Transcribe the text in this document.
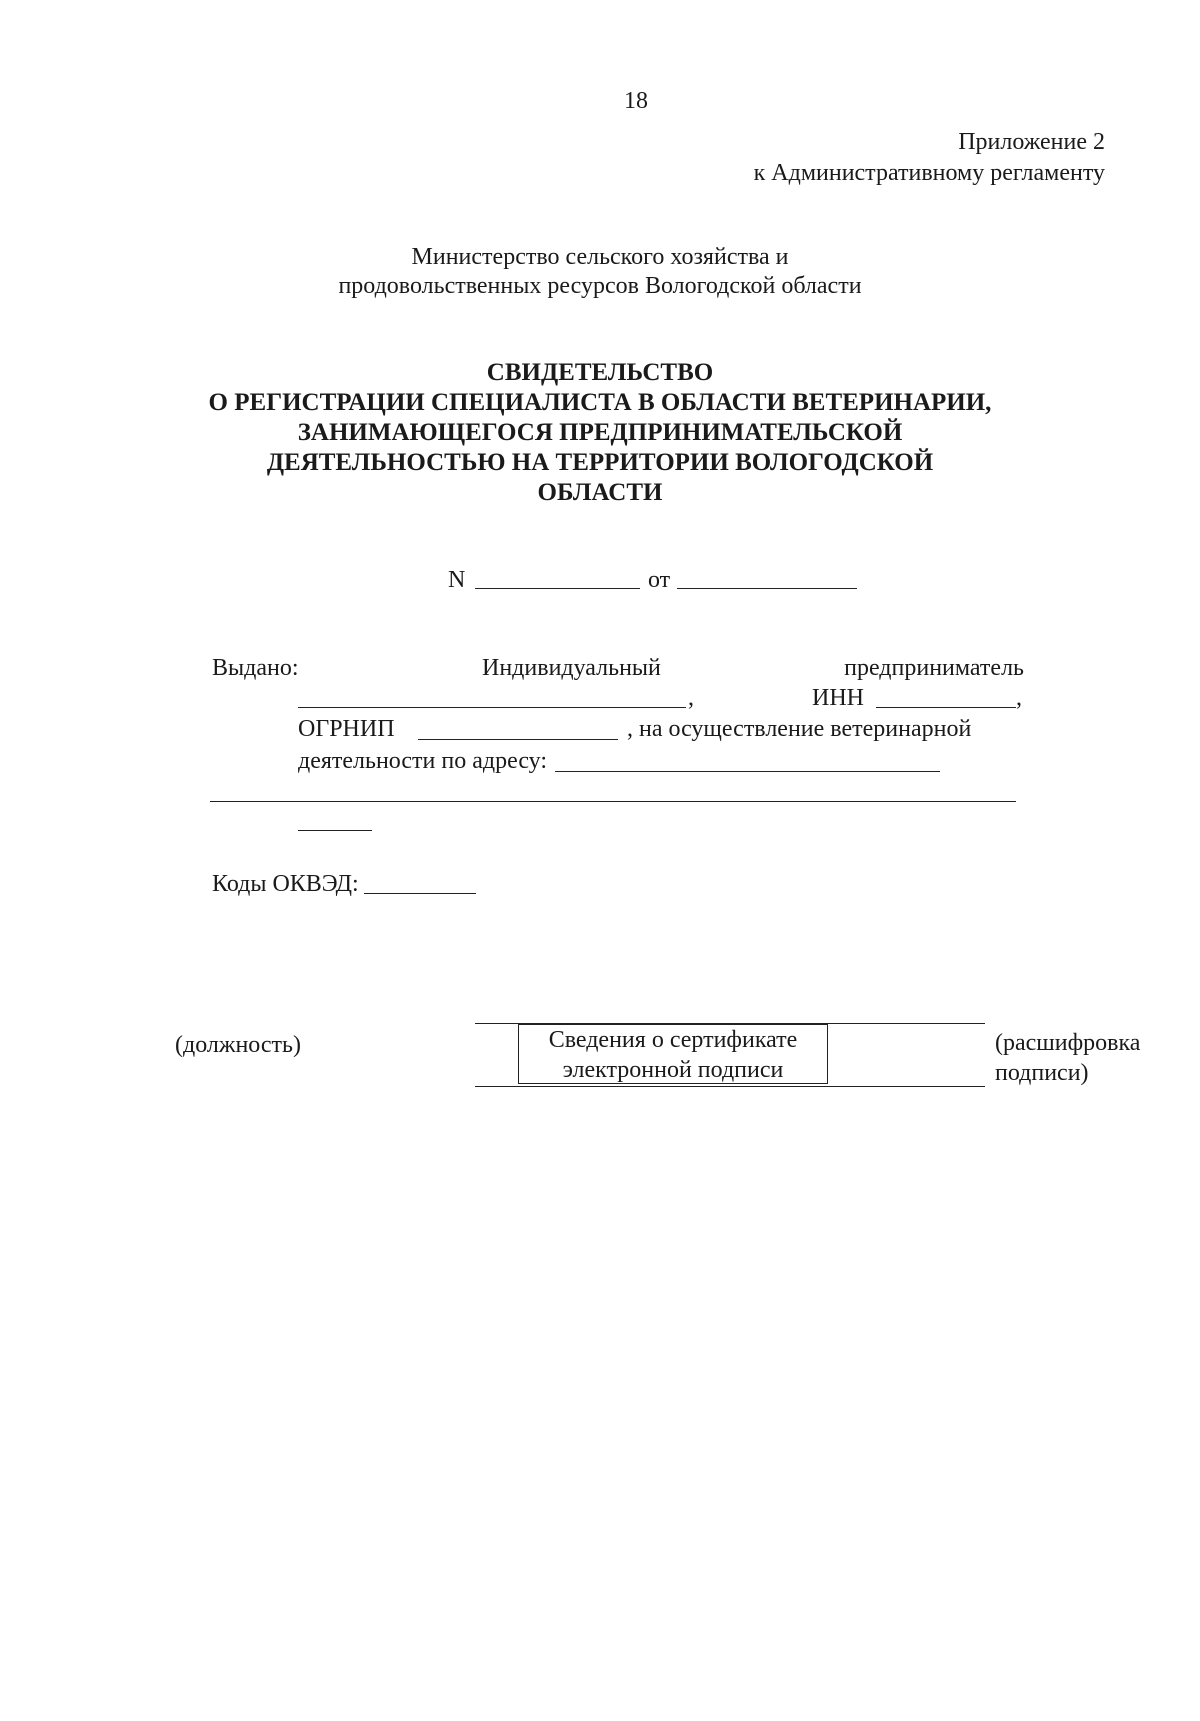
18
Приложение 2
к Административному регламенту
Министерство сельского хозяйства и
продовольственных ресурсов Вологодской области
СВИДЕТЕЛЬСТВО
О РЕГИСТРАЦИИ СПЕЦИАЛИСТА В ОБЛАСТИ ВЕТЕРИНАРИИ,
ЗАНИМАЮЩЕГОСЯ ПРЕДПРИНИМАТЕЛЬСКОЙ
ДЕЯТЕЛЬНОСТЬЮ НА ТЕРРИТОРИИ ВОЛОГОДСКОЙ
ОБЛАСТИ
N	от
Выдано:	Индивидуальный	предприниматель
,	ИНН	,
ОГРНИП	, на осуществление ветеринарной
деятельности по адресу:
Коды ОКВЭД:
(должность)	Сведения о сертификате
электронной подписи
(расшифровка
подписи)
